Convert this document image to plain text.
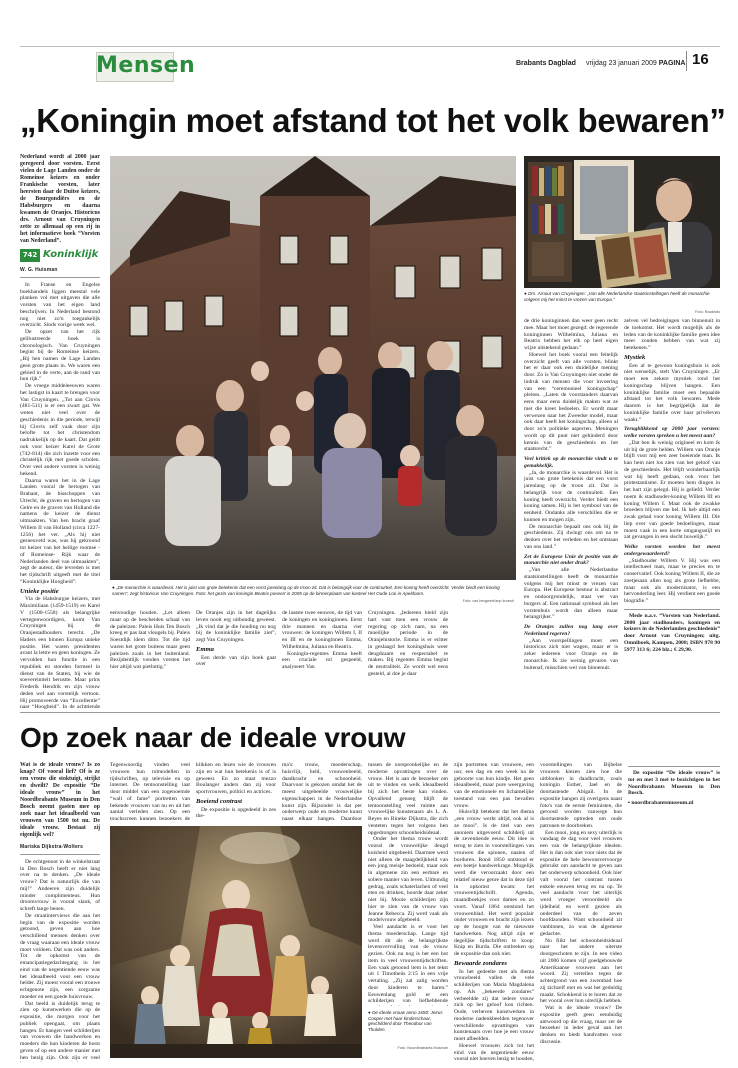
Mensen	Brabants Dagblad vrijdag 23 januari 2009 PAGINA 16
„Koningin moet afstand tot het volk bewaren”

Nederland wordt al 2000 jaar geregeerd door vorsten. Eerst vielen de Lage Landen onder de Romeinse keizers en onder Frankische vorsten, later heersten daar de Duitse keizers, de Bourgondiërs en de Habsburgers en daarna kwamen de Oranjes. Historicus drs. Arnout van Cruyningen zette ze allemaal op een rij in het informatieve boek “Vorsten van Nederland”.

742 Koninklijk
W. G. Huisman

In Franse en Engelse boekhandels liggen meestal vele planken vol met uitgaven die alle vorsten van het eigen land beschrijven. In Nederland bestond nog niet zo'n toegankelijk overzicht. Sinds vorige week wel.

De opzet van het rijk geïllustreerde boek is chronologisch. Van Cruyningen begint bij de Romeinse keizers. „Bij hen namen de Lage Landen geen grote plaats in. We waren een gebied in de verte, aan de rand van hun rijk.”

De vroege middeleeuwen waren het lastigst in kaart te brengen voor Van Cruyningen. „Tot aan Clovis (481-511) is er een zwart gat. We weten niet veel over de geschiedenis in die periode, terwijl bij Clovis zelf vaak door zijn belofte tot het christendom nadrukkelijk op de kaart. Dat geldt ook voor keizer Karel de Grote (742-814) die zich inzette voor een christelijk rijk met goede scholen. Over veel andere vorsten is weinig bekend.

Daarna waren het in de Lage Landen vooral de hertogen van Brabant, de bisschoppen van Utrecht, de graven en hertogen van Gelre en de graven van Holland die namens de keizer de dienst uitmaakten. Van hen bracht graaf Willem II van Holland (circa 1227-1256) het ver. „Als hij niet gesneuveld was, was hij gekroond tot keizer van het heilige roomse - of Romeinse- Rijk waar de Nederlanden deel van uitmaakten”, zegt de auteur, die tevreden is met het tijdschrift uitgeeft met de titel “Koninklijke Hoogheid”.

Unieke positie

Via de Habsburgse keizers, met Maximiliaan (1459-1519) en Karel V (1500-1558) als belangrijke vertegenwoordigers, komt Van Cruyningen bij de Oranjestadhouders terecht. „De Haders een binnen Europa unieke positie. Het waren presidenten avant la lettre en geen koningen. Ze vervulden hun functie in een republiek en stonden formeel in dienst van de Staten, bij wie de soevereiniteit berustte. Maar prins Frederik Hendrik en zijn vrouw deden wel aan vorstelijk vertoon. Hij promoveerde van “Excellentie” naar “Hoogheid”. In de achttiende

● „De monarchie is waardevol. Het is juist van grote betekenis dat een vorst jarenlang op de troon zit. Dat is belangrijk voor de continuïteit. Een koning heeft overzicht. Verder biedt een koning samen”, zegt historicus Van Cruyningen. Foto: het gezin van koningin Beatrix poseert in 2005 op de binnenplaats van kasteel Het Oude Loo in Apeldoorn.
Foto: cas bergwerf/anp kroesh

eenvoudige houden. „Let alleen maar op de bescheiden schaal van de paleizen: Paleis Huis Ten Bosch kreeg er pas laat vleugels bij. Paleis Soestdijk idem ditto. Tot die tijd waren het grote buitens maar geen paleizen zoals in het buitenland. Bezijdentlijk vonden vorsten het hier altijd wat pietluttig.”

De Oranjes zijn in het dagelijks leven nooit erg uitbundig geweest. „Ik vind dat je die houding nu nog bij de koninklijke familie ziet”, zegt Van Cruyningen.

Emma

Een derde van zijn boek gaat over

de laatste twee eeuwen, de tijd van de koningen en koninginnen. Eerst drie mannen en daarna vier vrouwen: de koningen Willem I, II en III en de koninginnen Emma, Wilhelmina, Juliana en Beatrix.

Koningin-regentes Emma heeft een cruciale rol gespeeld, analyseert Van

Cruyningen. „Iedereen hield zijn hart vast toen een vrouw de regering op zich nam, na een moeilijke periode in de Oranjehistorie. Emma is er echter in geslaagd het koningshuis weer deugdzaam en respectabel te maken. Bij regentes Emma begint de neutraliteit. Ze wordt wel eens gesteld, al doe je daar

● Drs. Arnout van Cruyningen: „Van alle Nederlandse staatsinstellingen heeft de monarchie volgens mij het minst te vrezen van Europa.”
Foto: Raakfoto

de drie koninginnen dan weer geen recht mee. Maar het moet gezegd: de regerende koninginnen Wilhelmina, Juliana en Beatrix hebben het elk op heel eigen wijze uitstekend gedaan.”

Hoewel het boek vooral een feitelijk overzicht geeft van alle vorsten, blinkt het er daar ook een duidelijke mening door. Zo is Van Cruyningen niet onder de indruk van mensen die voor invoering van een “ceremonieel koningschap” pleiten. „Laten de voorstanders daarvan eens maar eens duidelijk maken wat ze met die kreet bedoelen. Er wordt maar verwezen naar het Zweedse model, maar ook daar heeft het koningschap, alleen al door zo'n politieke aspecten. Meningen wordt op dit punt niet gehinderd door kennis van de geschiedenis en het staatsrecht.”

Veel kritiek op de monarchie vindt u te gemakkelijk.

„Ja, de monarchie is waardevol. Het is juist van grote betekenis dat een vorst jarenlang op de troon zit. Dat is belangrijk voor de continuïteit. Een koning heeft overzicht. Verder biedt een koning samen. Hij is het symbool van de eenheid. Ondanks alle verschillen die er kunnen en mogen zijn.

De monarchie bepaalt ons ook bij de geschiedenis. Zij dwingt ons om na te denken over het verleden en het ontstaan van ons land.”

Zet de Europese Unie de positie van de monarchie niet onder druk?

„Van alle Nederlandse staatsinstellingen heeft de monarchie volgens mij het minst te vrezen van Europa. Het Europese bestuur is abstract en ondoorgrondelijk, staat ver van burgers af. Een nationaal symbool als het vorstenhuis wordt dan alleen maar belangrijker.”

De Oranjes zullen nog lang over Nederland regeren?

„Aan voorspellingen moet een historicus zich niet wagen, maar er is zeker iedereen voor Oranje en de monarchie. Ik zie weinig gevaren van buitenaf, misschien wel van binnenuit.

zelven vel bedreigingen van binnenuit in de toekomst. Het wordt mogelijk als de leden van de koninklijke familie geen idee meer zouden hebben van wat zij betekenen.”

Mystiek

Een al te gewoon koningshuis is ook niet wenselijk, stelt Van Cruyningen. „Er moet een zekere mystiek rond het koningschap blijven hangen. Een koninklijke familie moet een bepaalde afstand tot het volk bewaren. Mede daarom is het begrijpelijk dat de koninklijke familie over haar privéleven waakt.”

Terugblikkend op 2000 jaar vorsten: welke vorsten spreken u het meest aan?

„Dat ben ik weinig origineel en kom ik uit bij de grote helden. Willem van Oranje blijft voor mij een zeer boeiende man. Ik kan hem niet los zien van het geloof van de geschiedenis. Het blijft wonderbaarlijk wat hij heeft gedaan, ook voor het protestantisme. Er moeten hem dingen in het hart zijn gelegd. Hij is geliefd. Verder noem ik stadhouder-koning Willem III en koning Willem I. Maar ook de zwakke broeders blijven me bel. Ik heb altijd een zwak gehad voor koning Willem III. Die liep over van goede bedoelingen, maar moest vaak in een korte omgangsstijl en zat gevangen in een slecht huwelijk.”

Welke vorsten worden het meest ondergewaardeerd?

„Stadhouder Willem V. Hij was een intellectueel man, maar te precies en te conservatief. Ook koning Willem II, die ze zoetjesaan allen nog als grote liefhebbe, maar ook als modernisator, is een hervonderling leer. Hij verdient een goede biografie.”

Mede n.a.v. “Vorsten van Nederland. 2000 jaar stadhouders, koningen en keizers in de Nederlanden geschiedenis” door Arnout van Cruyningen; uitg. Omniboek, Kampen, 2008; ISBN 978 90 5977 313 6; 224 blz.; € 29,90.

Op zoek naar de ideale vrouw

Wat is de ideale vrouw? Is zo knap? Of vooral lief? Of is ze een vrouw die stoktuigt, strijkt en dweilt? De expositie “De ideale vrouw” in het Noordbrabants Museum in Den Bosch neemt gasten mee op zoek naar het ideaalbeeld van vrouwen van 1500 tot nu. De ideale vrouw. Bestaat zij eigenlijk wel?

Mariska Dijkstra-Wolters

De echtgenoot in de winkelstraat in Den Bosch heeft er niet lang over na te denken. „De ideale vrouw? Dat is natuurlijk die van mij!” Andeeren zijn duidelijk minder complimenteus. Hun droomvrouw is vooral slank, of schreft lange benen.

De straatinterviews die aan het begin van de expositie worden getoond, geven aan hoe verschillend mensen denken over de vraag waaraan een ideale vrouw moet voldoen. Dat was ook anders. Tot de opkomst van de emancipatiegedachtegang in het eind van de negentiende eeuw was het ideaalbeeld voor een vrouw helder. Zij moest vooral een trouwe echtgenote zijn, een zorgzame moeder en een goede huisvrouw.

Dat beeld is duidelijk terug te zien op kunstwerken die op de expositie, die morgen voor het publiek opengaat, om plaats hangen. Er hangen veel schilderijen van vrouwen die handwerken en moeders die hun kinderen de borst geven of op een andere manier met hen bezig zijn. Ook zijn er veel

Tegenwoordig vinden veel vrouwen hun rolmodellen in tijdschriften, op televisie en op internet. De tentoonstelling laat door middel van een zogenoemde “wall of fame” portretten van bekende vrouwen van nu en uit het aantal verleden zien. Op een touchscreen kunnen bezoekers de

klikken en lezen wie de vrouwen zijn en wat hun betekenis is of is geweest. En zo staat mezzo Boulanger anders dan zij voor sportvrouwen, politici en actrices.

Boeiend contrast

De expositie is opgedeeld in zes the-

ma's: trouw, moederschap, huisvlijt, held, vrouwenbeeld, daadkracht en schoonheid. Daarvoor is gekozen omdat het de meest uitgebeelde vrouwelijke eigenschappen in de Nederlandse kunst zijn. Bijzonder is dat per onderwerp oude en moderne kunst naast elkaar hangen. Daardoor

● De ideale vrouw anno 1650: Jezus Cooper met haar kinderschaar, geschilderd door Theodoor van Thulden.
Foto: Noordbrabants Museum

tussen de oorspronkelijke en de moderne opvattingen over de vrouw. Het is aan de bezoeker om uit te vinden en welk ideaalbeeld bij zich het beste kan vinden. Opvallend genoeg blijft de tentoonstelling veel ruimte aan vrouwelijke kunstenaars als L. A. Reyes en Rineke Dijkstra, die zich venteten tegen het volgens hen opgedrongen schoonheidsideaal.

Onder het thema trouw wordt vooral de vrouwelijke deugd kuisheid uitgebeeld. Daarmee werd niet alleen de maagdelijkheid van een jong meisje bedoeld, maar ook in algemene zin een eerbare en sobere manier van leven. Uitbundig gedrag, zoals schaterlachen of veel eten en drinken, hoorde daar zeker niet bij. Mooie schilderijen zijn hier te zien van de vrouw van Jeanne Rebecca. Zij werd vaak als modelvrouw afgebeeld.

Veel aandacht is er voor het thema moederschap. Lange tijd werd dit als de belangrijkste levensvervulling van de vrouw gezien. Ook nu nog is het een hot item in veel vrouwentijdschriften. Een vaak getoond item is het tekst uit 1 Timotheüs 2:15 in een vrije vertaling. „Zij zal zalig worden door kinderen te baren.” Eeuwenlang gold er een schilderijen van liefhebbende

zijn portretten van vrouwen, een uur, een dag en een week na de geboorte van hun kindje. Het geen ideaalbeeld, maar pure weergaving van de emotionele en lichamelijke toestand van een pas bevallen vrouw.

Huisvlijt betekent dat het thema „een vrouw werkt altijd, ook al is ze mooi”. Is de titel van een anoniem uitgevoerd schilderij uit de zeventiende eeuw. Dit idee is terug te zien in voorstellingen van vrouwen die spinnen, naaien of borduren. Rond 1850 ontstond er een beetje handwerkrage. Mogelijk werd die veroorzaakt door een relatief nieuw genre dat in deze tijd in opkomst kwam: het vrouwentijdschrift. Agenda, maandboekjes voor dames en zo voort. Vanaf 1864 ontstond het vrouwenblad. Het werd populair onder vrouwen en bracht zijn lezers op de hoogte van de nieuwste handwerken. Nog altijd zijn er degelijke tijdschriften te koop: Knip en Burda. Die ontbreken op de expositie dan ook niet.

Bewaarde zondares

In het gedeelte met als thema vrouwbeeld vallen de vele schilderijen van Maria Magdalena op. Als „bekeerde zondares” verbeeldde zij dat iedere vrouw zich op het geloof kon richten. Oude, verheven kunstwerken in moderne nadenkbeelden tegenover verschillende opvattingen van kunstenaars over hoe je een vrouw moet afbeelden.

Hoewel vrouwen zich tot het eind van de negentiende eeuw vooral niet hoeven bezig te houden,

voorstellingen van Bijbelse vrouwen kiezen zien hoe die uitblonken in daadkracht, zoals koningin Esther, Jael en de doortastende Abigaïl. In de expositie hangen zij overigens naast foto's van de eerste feministen, die geroosd worden vanwege hun doortastende optreden om oude patronen te doorbreken.

Een mooi, jong en sexy uiterlijk is vandaag de dag voor veel vrouwen een van de belangrijkste idealen. Het is dan ook niet voor niets dat de expositie de hele bewonsvervoorge gebruikt om aandacht te geven aan het onderwerp schoonheid. Ook hier valt vooral het contrast tussen enkele eeuwen terug en nu op. Te veel aandacht voor het uiterlijk werd vroeger veroordeeld als ijdelheid en werd gezien als onderdeel van de zeven hoofdzonden. Want schoonheid zit vanbinnen, zo was de algemene gedachte.

Nu fiikt het schoonheidsideaal naar het andere uiterste doorgeschoten te zijn. In een video uit 2006 komen vijf goedgebouwde Amerikaanse vrouwen aan het woord. Zij vertellen tegen de achtergrond van een zwembad hoe zij zichzelf met en wat het geduldig maakt. Schokkend is te horen dat ze het vooral over hun uiterlijk hebben.

Wat is de ideale vrouw? De expositie geeft geen eenduidig antwoord op die vraag, maar zet de bezoeker in ieder geval aan het denken en biedt handvatten voor discussie.

De expositie “De ideale vrouw” is tot en met 3 mei te bezichtigen in het Noordbrabants Museum in Den Bosch.

▪ noordbrabantsmuseum.nl
